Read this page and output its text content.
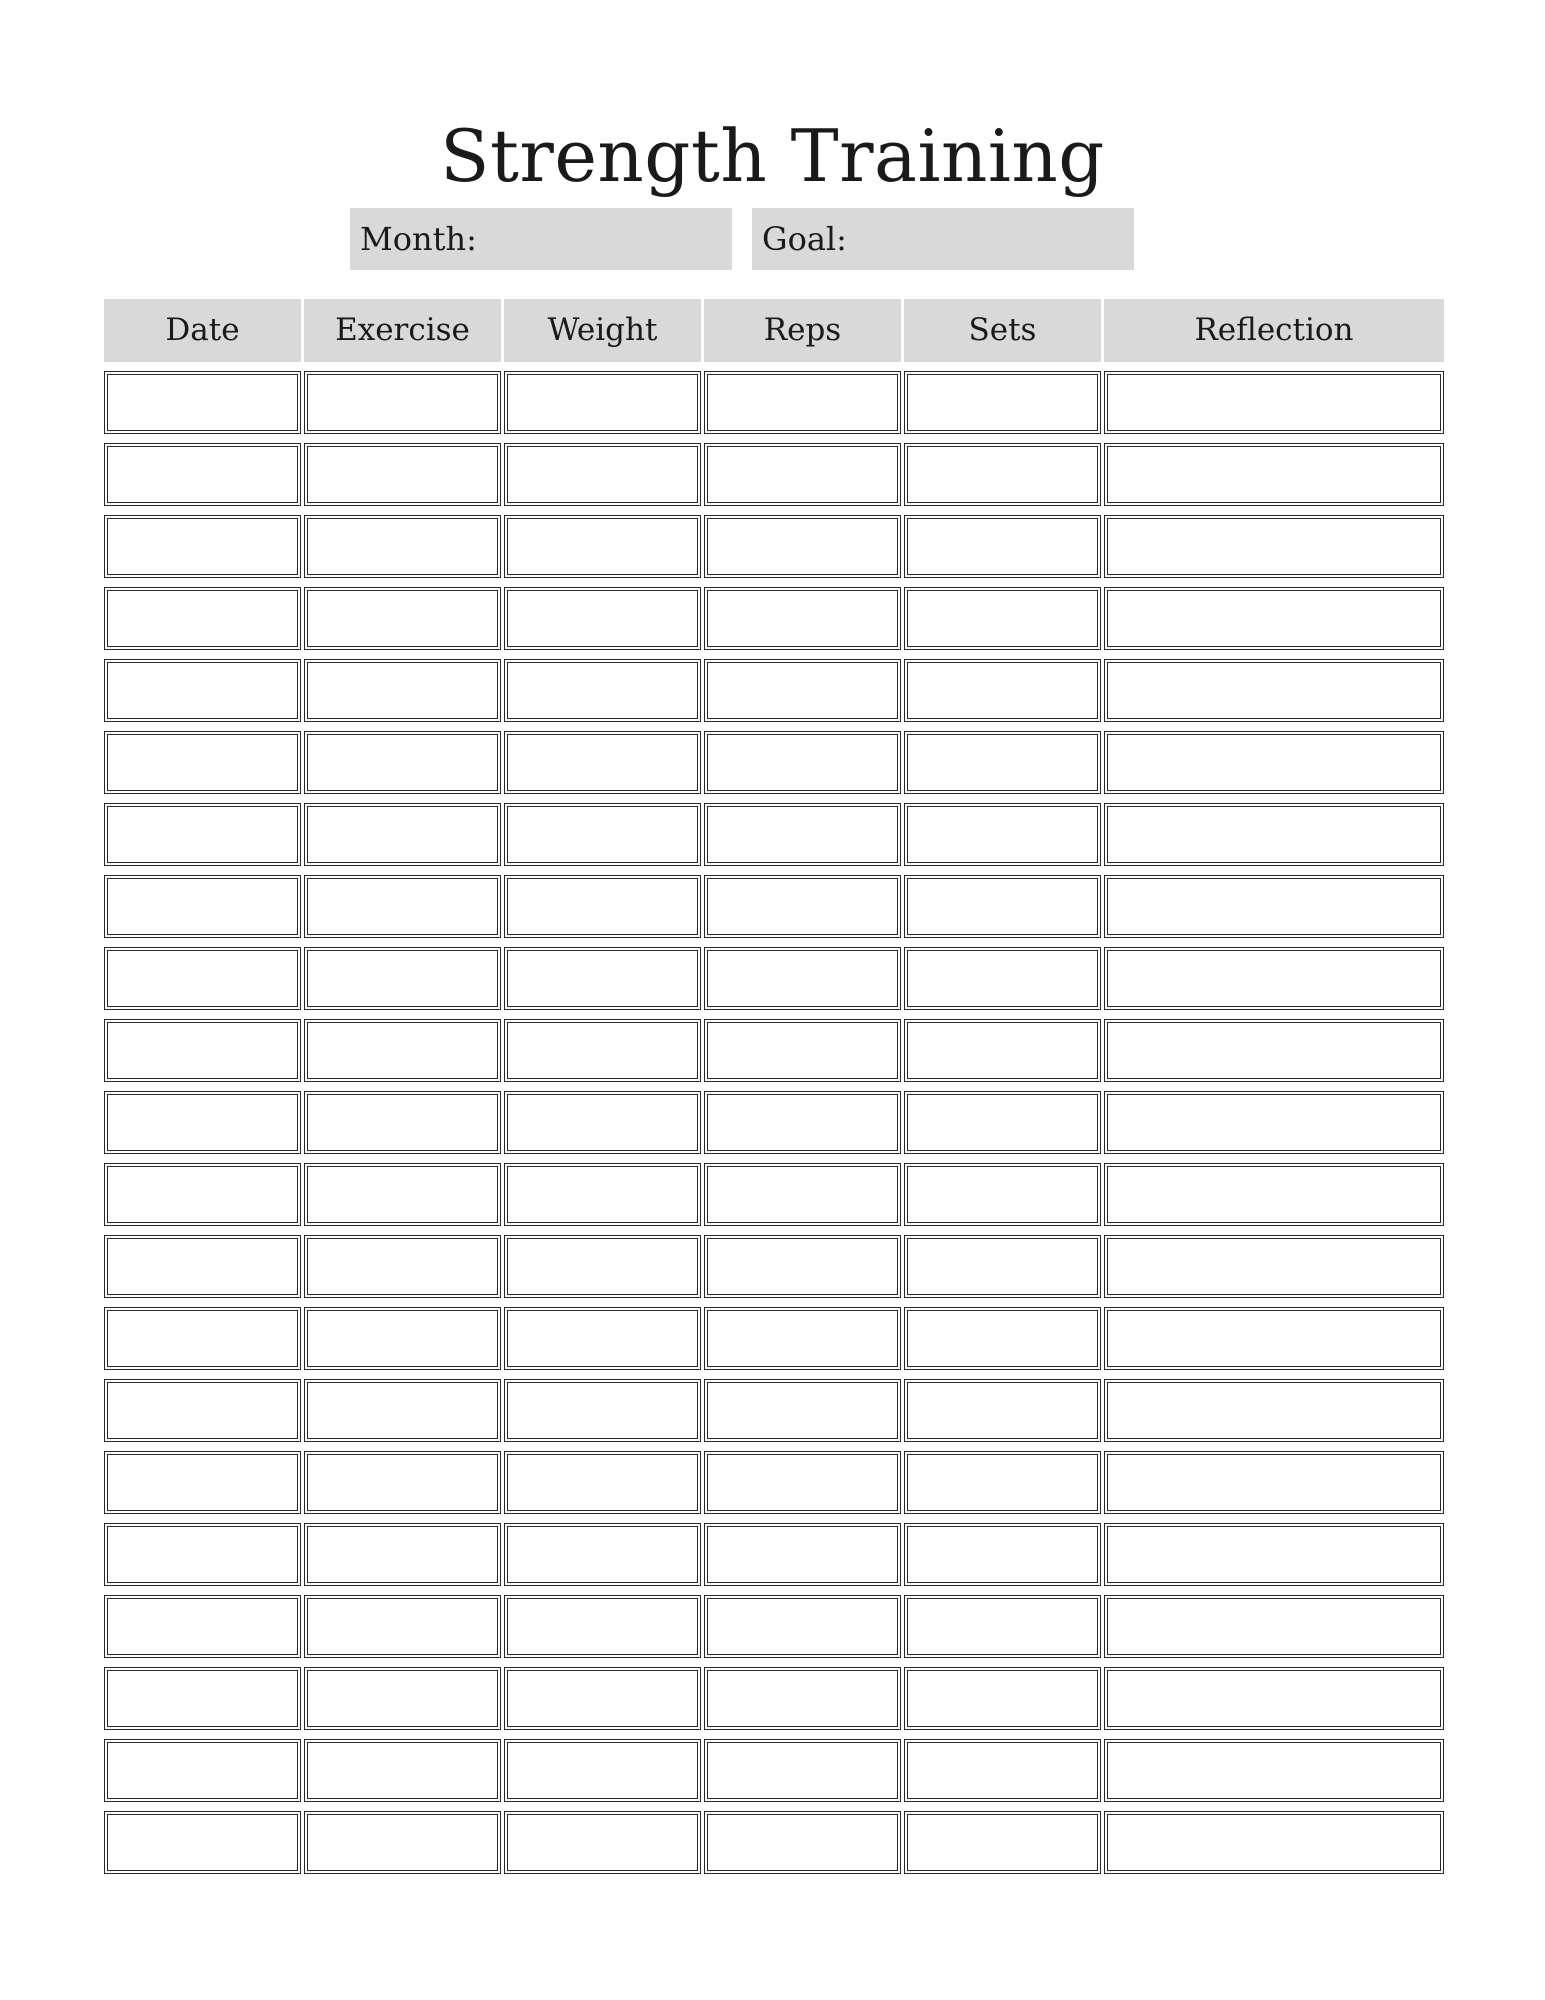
Strength Training
Month:	Goal:
Date	Exercise	Weight	Reps	Sets	Reflection
